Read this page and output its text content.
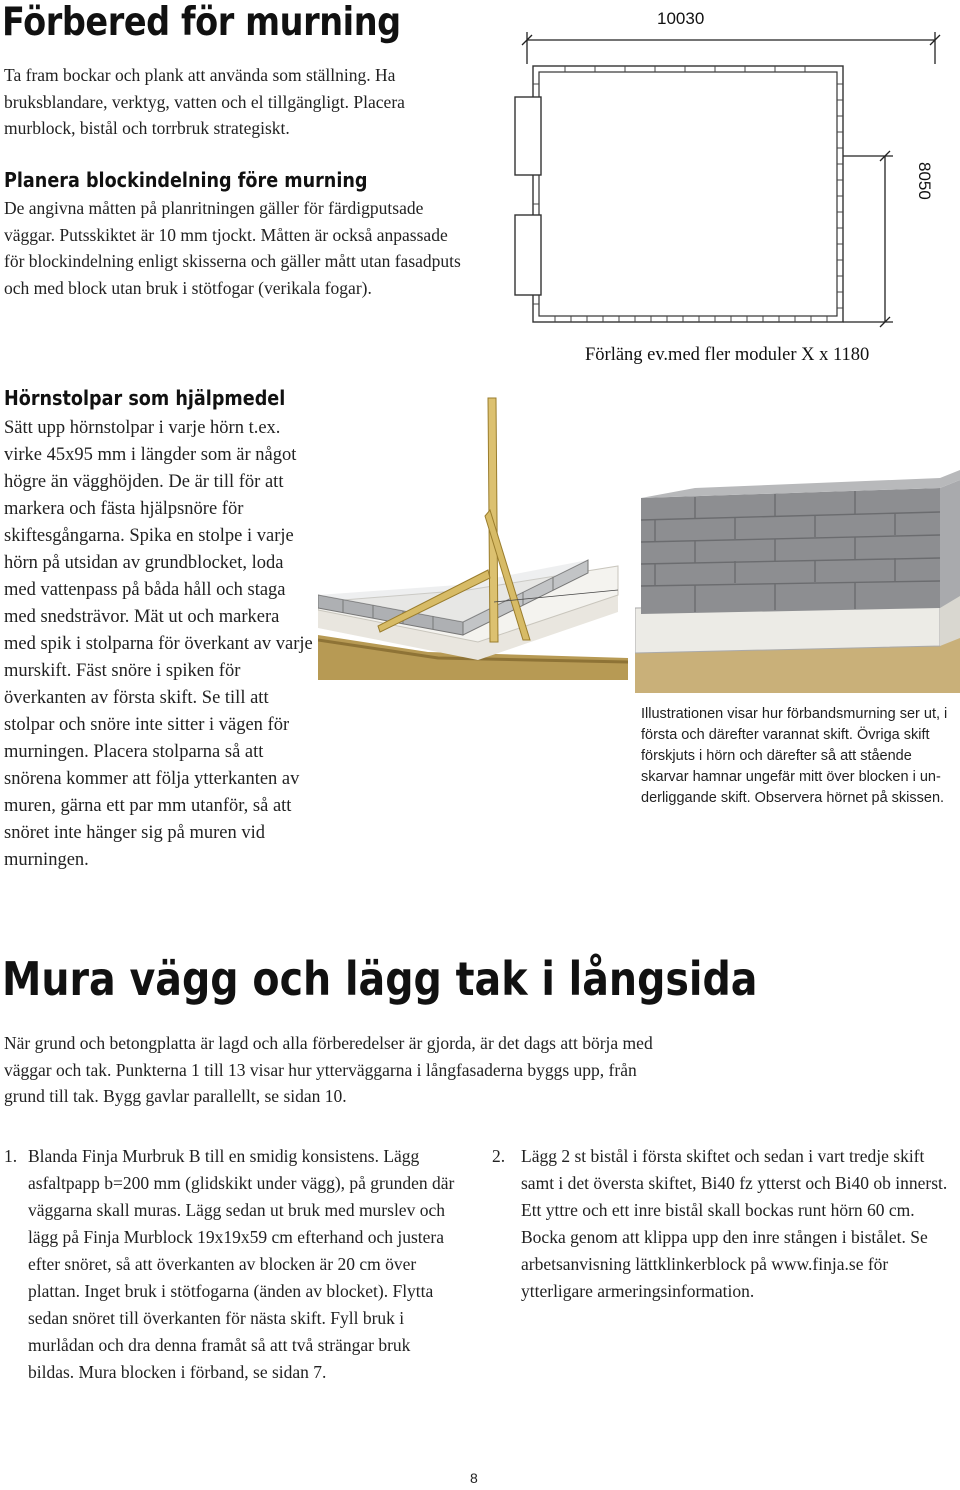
Förbered för murning

Ta fram bockar och plank att använda som ställning. Ha bruksblandare, verktyg, vatten och el tillgängligt. Placera murblock, bistål och torrbruk strategiskt.

Planera blockindelning före murning

De angivna måtten på planritningen gäller för färdigputsade väggar. Putsskiktet är 10 mm tjockt. Måtten är också anpassade för blockindelning enligt skisserna och gäller mått utan fasadputs och med block utan bruk i stötfogar (verikala fogar).

10030
8050
Förläng ev.med fler moduler X x 1180
Hörnstolpar som hjälpmedel

Sätt upp hörnstolpar i varje hörn t.ex. virke 45x95 mm i längder som är något högre än vägghöjden. De är till för att markera och fästa hjälpsnöre för skiftesgångarna. Spika en stolpe i varje hörn på utsidan av grundblocket, loda med vattenpass på båda håll och staga med snedsträvor. Mät ut och markera med spik i stolparna för överkant av varje murskift. Fäst snöre i spiken för överkanten av första skift. Se till att stolpar och snöre inte sitter i vägen för murningen. Placera stolparna så att snörena kommer att följa ytterkanten av muren, gärna ett par mm utanför, så att snöret inte hänger sig på muren vid murningen.

Illustrationen visar hur förbandsmurning ser ut, i första och därefter varannat skift. Övriga skift förskjuts i hörn och därefter så att stående skarvar hamnar ungefär mitt över blocken i underliggande skift. Observera hörnet på skissen.

Mura vägg och lägg tak i långsida

När grund och betongplatta är lagd och alla förberedelser är gjorda, är det dags att börja med väggar och tak. Punkterna 1 till 13 visar hur ytterväggarna i långfasaderna byggs upp, från grund till tak. Bygg gavlar parallellt, se sidan 10.

1. Blanda Finja Murbruk B till en smidig konsistens. Lägg asfaltpapp b=200 mm (glidskikt under vägg), på grunden där väggarna skall muras. Lägg sedan ut bruk med murslev och lägg på Finja Murblock 19x19x59 cm efterhand och justera efter snöret, så att överkanten av blocken är 20 cm över plattan. Inget bruk i stötfogarna (änden av blocket). Flytta sedan snöret till överkanten för nästa skift. Fyll bruk i murlådan och dra denna framåt så att två strängar bruk bildas. Mura blocken i förband, se sidan 7.

2. Lägg 2 st bistål i första skiftet och sedan i vart tredje skift samt i det översta skiftet, Bi40 fz ytterst och Bi40 ob innerst. Ett yttre och ett inre bistål skall bockas runt hörn 60 cm. Bocka genom att klippa upp den inre stången i bistålet. Se arbetsanvisning lättklinkerblock på www.finja.se för ytterligare armeringsinformation.

8
